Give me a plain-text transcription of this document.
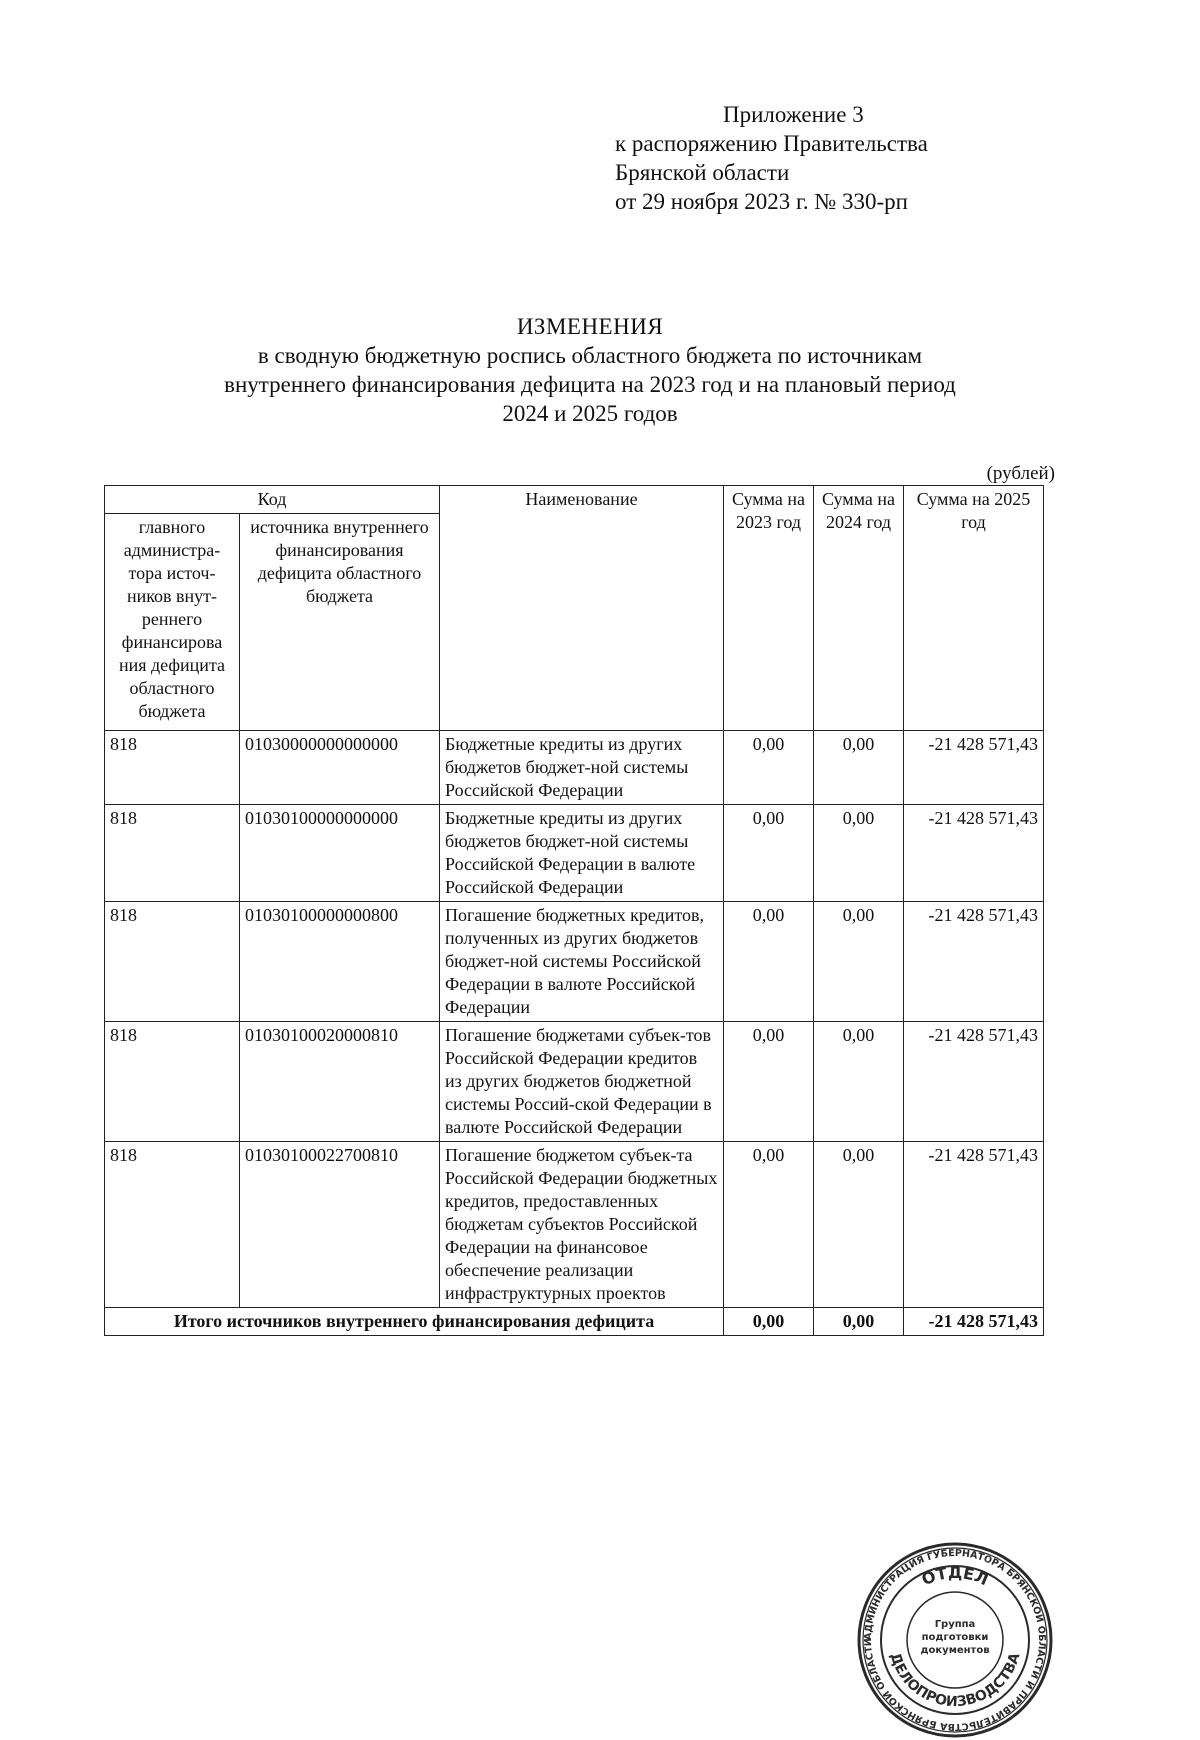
Приложение 3
к распоряжению Правительства
Брянской области
от 29 ноября 2023 г. № 330-рп
ИЗМЕНЕНИЯ
в сводную бюджетную роспись областного бюджета по источникам
внутреннего финансирования дефицита на 2023 год и на плановый период
2024 и 2025 годов
(рублей)
Код		Наименование	Сумма на 2023 год	Сумма на 2024 год	Сумма на 2025 год
главного администра-тора источ-ников внут-реннего финансирова ния дефицита областного бюджета	источника внутреннего финансирования дефицита областного бюджета				
818	01030000000000000	Бюджетные кредиты из других бюджетов бюджет-ной системы Российской Федерации	0,00	0,00	-21 428 571,43
818	01030100000000000	Бюджетные кредиты из других бюджетов бюджет-ной системы Российской Федерации в валюте Российской Федерации	0,00	0,00	-21 428 571,43
818	01030100000000800	Погашение бюджетных кредитов, полученных из других бюджетов бюджет-ной системы Российской Федерации в валюте Российской Федерации	0,00	0,00	-21 428 571,43
818	01030100020000810	Погашение бюджетами субъек-тов Российской Федерации кредитов из других бюджетов бюджетной системы Россий-ской Федерации в валюте Российской Федерации	0,00	0,00	-21 428 571,43
818	01030100022700810	Погашение бюджетом субъек-та Российской Федерации бюджетных кредитов, предоставленных бюджетам субъектов Российской Федерации на финансовое обеспечение реализации инфраструктурных проектов	0,00	0,00	-21 428 571,43
Итого источников внутреннего финансирования дефицита			0,00	0,00	-21 428 571,43
АДМИНИСТРАЦИЯ ГУБЕРНАТОРА БРЯНСКОЙ ОБЛАСТИ И ПРАВИТЕЛЬСТВА БРЯНСКОЙ ОБЛАСТИ
ОТДЕЛ
ДЕЛОПРОИЗВОДСТВА
Группа подготовки документов
